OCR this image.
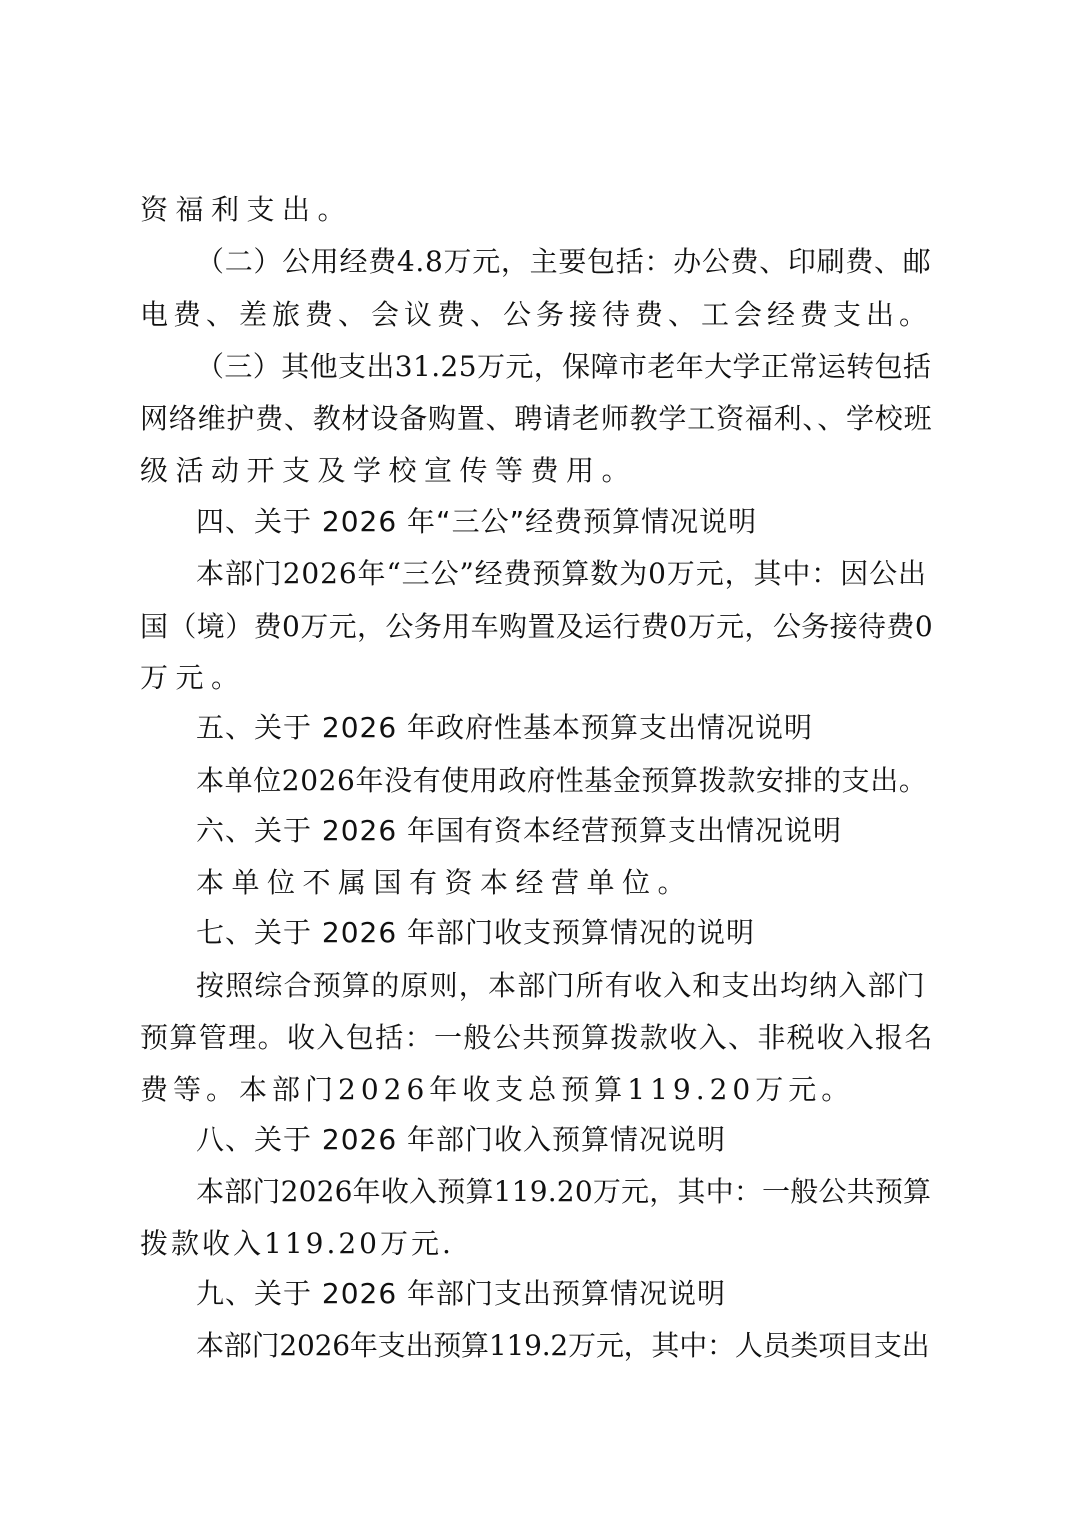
资福利支出。
（二）公用经费4.8万元，主要包括：办公费、印刷费、邮
电费、差旅费、会议费、公务接待费、工会经费支出。
（三）其他支出31.25万元，保障市老年大学正常运转包括
网络维护费、教材设备购置、聘请老师教学工资福利、、学校班
级活动开支及学校宣传等费用。
四、关于 2026 年“三公”经费预算情况说明
本部门2026年“三公”经费预算数为0万元，其中：因公出
国（境）费0万元，公务用车购置及运行费0万元，公务接待费0
万元。
五、关于 2026 年政府性基本预算支出情况说明
本单位2026年没有使用政府性基金预算拨款安排的支出。
六、关于 2026 年国有资本经营预算支出情况说明
本单位不属国有资本经营单位。
七、关于 2026 年部门收支预算情况的说明
按照综合预算的原则，本部门所有收入和支出均纳入部门
预算管理。收入包括：一般公共预算拨款收入、非税收入报名
费等。本部门2026年收支总预算119.20万元。
八、关于 2026 年部门收入预算情况说明
本部门2026年收入预算119.20万元，其中：一般公共预算
拨款收入119.20万元.
九、关于 2026 年部门支出预算情况说明
本部门2026年支出预算119.2万元，其中：人员类项目支出
